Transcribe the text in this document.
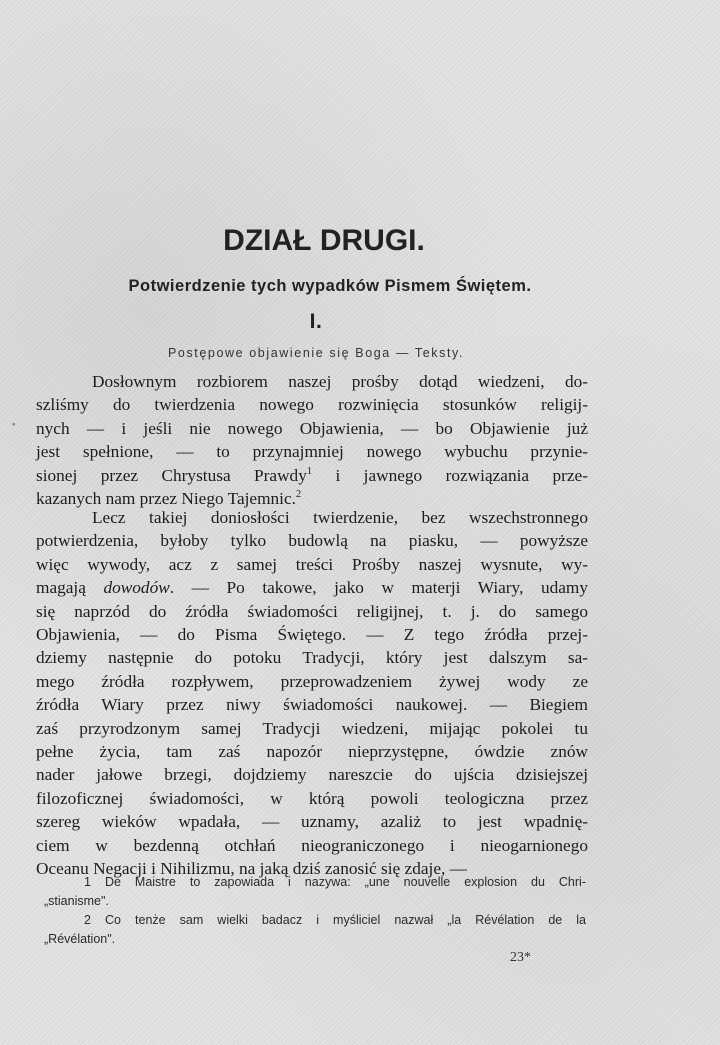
•
DZIAŁ DRUGI.
Potwierdzenie tych wypadków Pismem Świętem.
I.
Postępowe objawienie się Boga — Teksty.

Dosłownym rozbiorem naszej prośby dotąd wiedzeni, do-

szliśmy do twierdzenia nowego rozwinięcia stosunków religij-

nych — i jeśli nie nowego Objawienia, — bo Objawienie już

jest spełnione, — to przynajmniej nowego wybuchu przynie-

sionej przez Chrystusa Prawdy$^1$ i jawnego rozwiązania prze-

kazanych nam przez Niego Tajemnic.$^2$

Lecz takiej doniosłości twierdzenie, bez wszechstronnego

potwierdzenia, byłoby tylko budowlą na piasku, — powyższe

więc wywody, acz z samej treści Prośby naszej wysnute, wy-

magają dowodów. — Po takowe, jako w materji Wiary, udamy

się naprzód do źródła świadomości religijnej, t. j. do samego

Objawienia, — do Pisma Świętego. — Z tego źródła przej-

dziemy następnie do potoku Tradycji, który jest dalszym sa-

mego źródła rozpływem, przeprowadzeniem żywej wody ze

źródła Wiary przez niwy świadomości naukowej. — Biegiem

zaś przyrodzonym samej Tradycji wiedzeni, mijając pokolei tu

pełne życia, tam zaś napozór nieprzystępne, ówdzie znów

nader jałowe brzegi, dojdziemy nareszcie do ujścia dzisiejszej

filozoficznej świadomości, w którą powoli teologiczna przez

szereg wieków wpadała, — uznamy, azaliż to jest wpadnię-

ciem w bezdenną otchłań nieograniczonego i nieogarnionego

Oceanu Negacji i Nihilizmu, na jaką dziś zanosić się zdaje, —

1 De Maistre to zapowiada i nazywa: „une nouvelle explosion du Chri-

„stianisme".

2 Co tenże sam wielki badacz i myśliciel nazwał „la Révélation de la

„Révélation".

23*
